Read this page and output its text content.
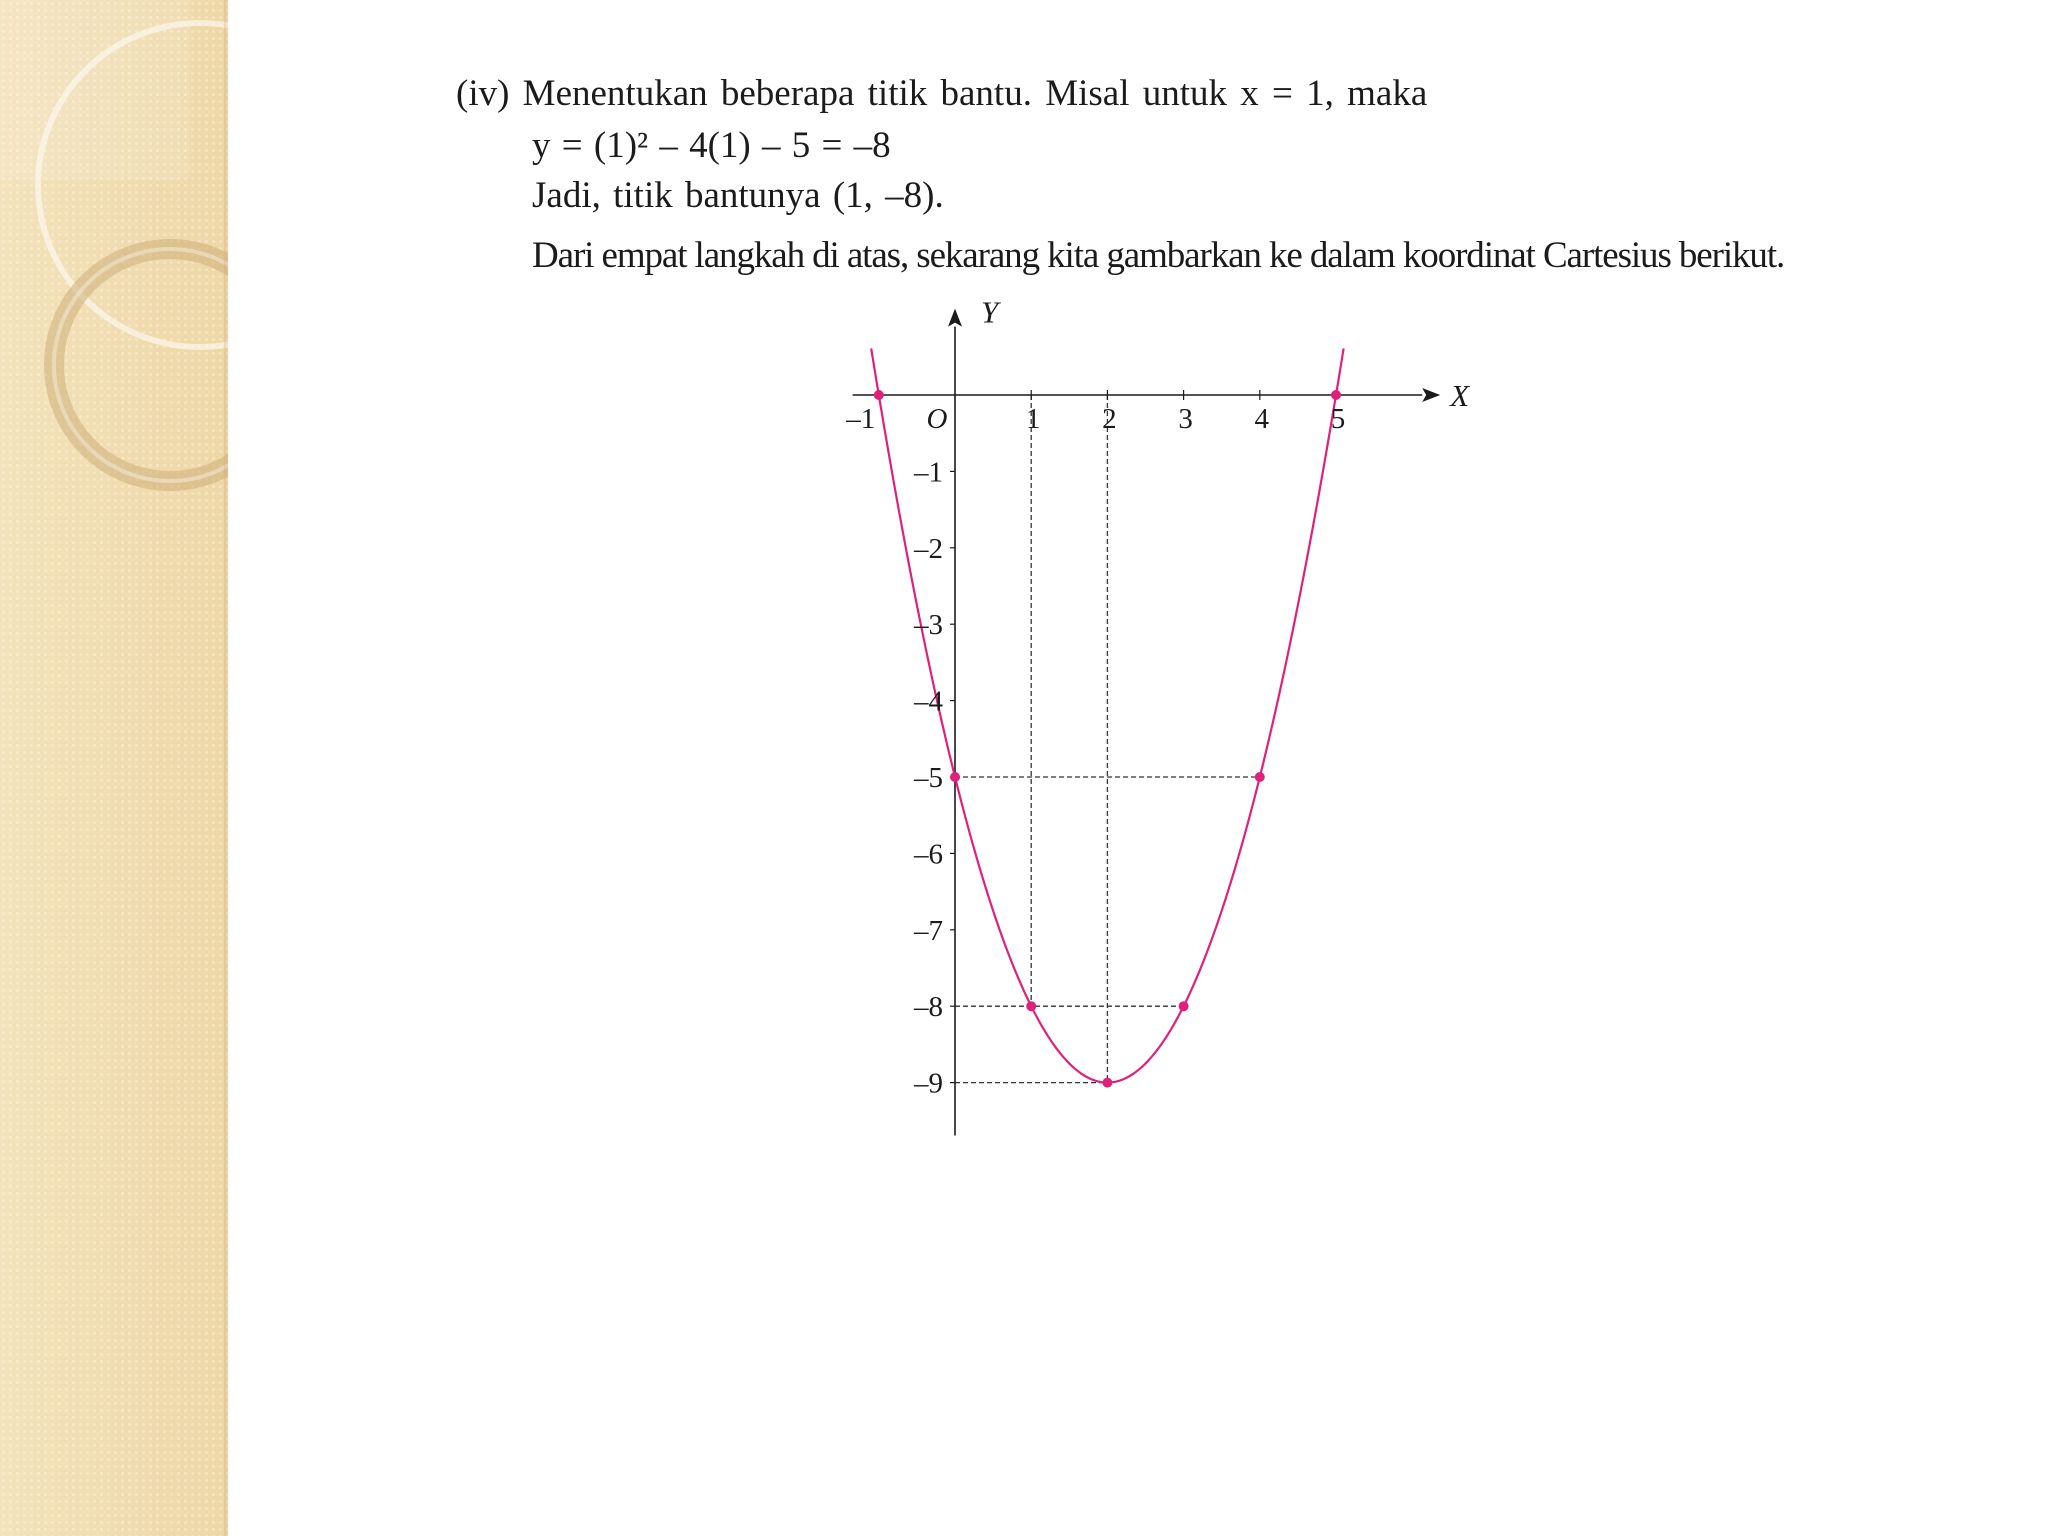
(iv) Menentukan beberapa titik bantu. Misal untuk x = 1, maka

y = (1)² – 4(1) – 5 = –8

Jadi, titik bantunya (1, –8).

Dari empat langkah di atas, sekarang kita gambarkan ke dalam koordinat Cartesius berikut.

–1	1 2 3 4 5
–1
–2
–3
–4
–5
–6
–7
–8
–9
X
Y
O
